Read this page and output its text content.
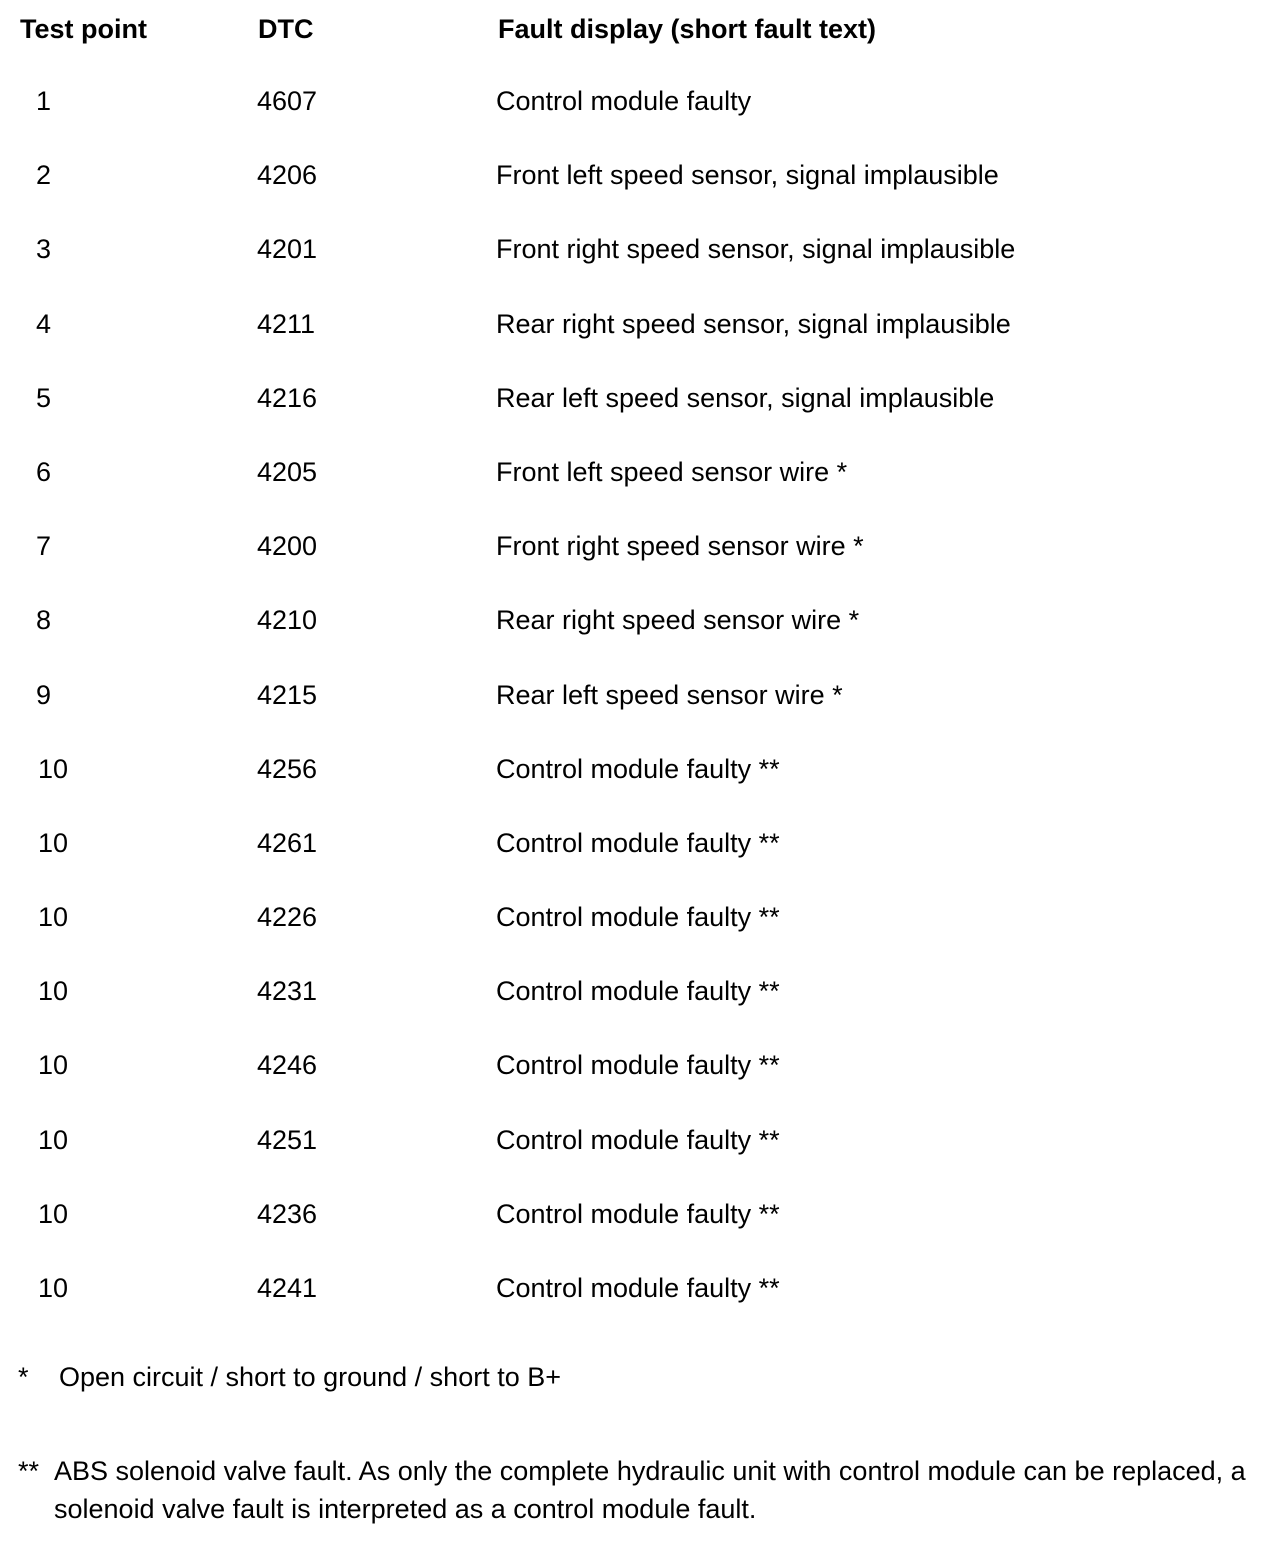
Test point	DTC	Fault display (short fault text)
1	4607	Control module faulty
2	4206	Front left speed sensor, signal implausible
3	4201	Front right speed sensor, signal implausible
4	4211	Rear right speed sensor, signal implausible
5	4216	Rear left speed sensor, signal implausible
6	4205	Front left speed sensor wire *
7	4200	Front right speed sensor wire *
8	4210	Rear right speed sensor wire *
9	4215	Rear left speed sensor wire *
10	4256	Control module faulty **
10	4261	Control module faulty **
10	4226	Control module faulty **
10	4231	Control module faulty **
10	4246	Control module faulty **
10	4251	Control module faulty **
10	4236	Control module faulty **
10	4241	Control module faulty **
* Open circuit / short to ground / short to B+
** ABS solenoid valve fault. As only the complete hydraulic unit with control module can be replaced, a solenoid valve fault is interpreted as a control module fault.
